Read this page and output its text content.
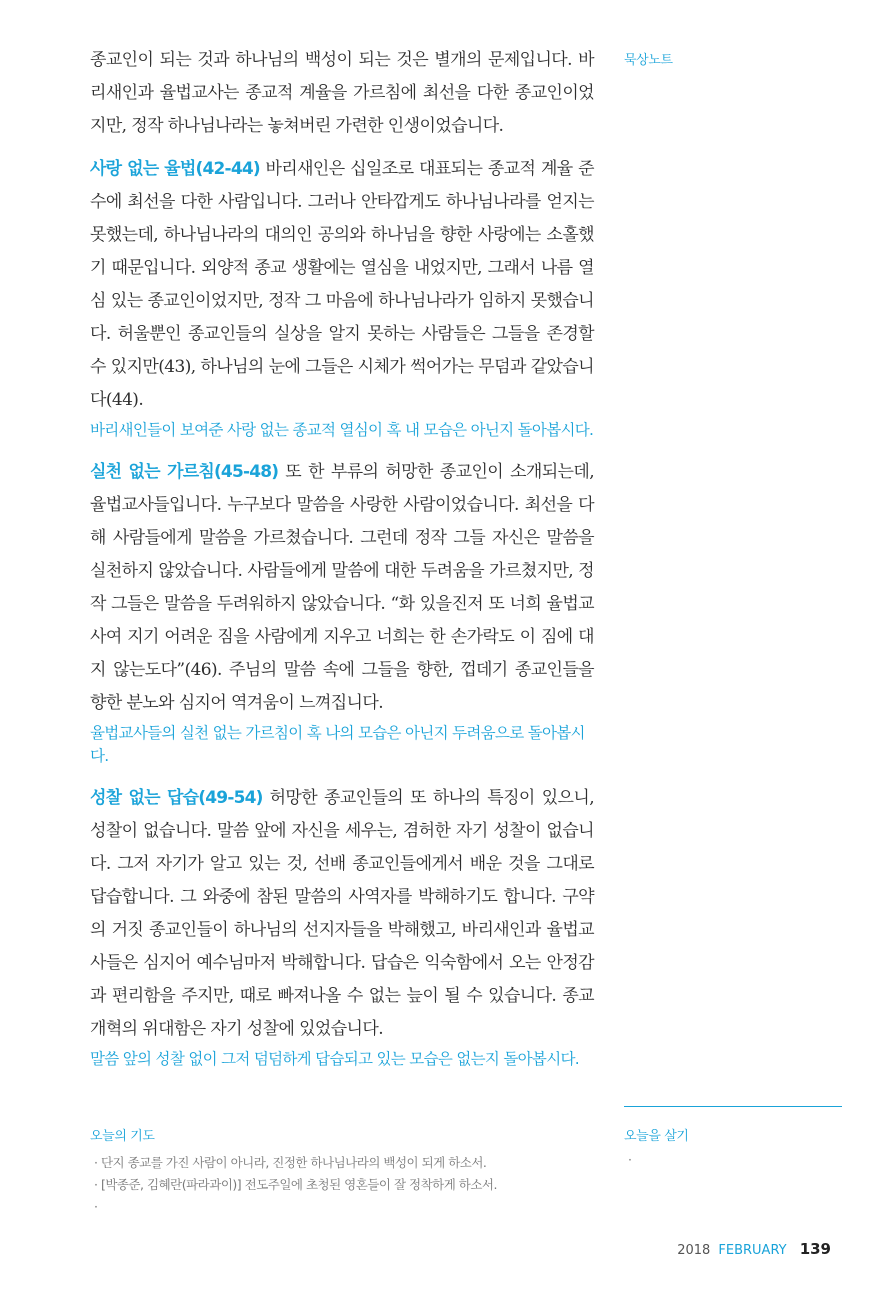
묵상노트

종교인이 되는 것과 하나님의 백성이 되는 것은 별개의 문제입니다. 바리새인과 율법교사는 종교적 계율을 가르침에 최선을 다한 종교인이었지만, 정작 하나님나라는 놓쳐버린 가련한 인생이었습니다.

사랑 없는 율법(42-44) 바리새인은 십일조로 대표되는 종교적 계율 준수에 최선을 다한 사람입니다. 그러나 안타깝게도 하나님나라를 얻지는 못했는데, 하나님나라의 대의인 공의와 하나님을 향한 사랑에는 소홀했기 때문입니다. 외양적 종교 생활에는 열심을 내었지만, 그래서 나름 열심 있는 종교인이었지만, 정작 그 마음에 하나님나라가 임하지 못했습니다. 허울뿐인 종교인들의 실상을 알지 못하는 사람들은 그들을 존경할 수 있지만(43), 하나님의 눈에 그들은 시체가 썩어가는 무덤과 같았습니다(44).

바리새인들이 보여준 사랑 없는 종교적 열심이 혹 내 모습은 아닌지 돌아봅시다.

실천 없는 가르침(45-48) 또 한 부류의 허망한 종교인이 소개되는데, 율법교사들입니다. 누구보다 말씀을 사랑한 사람이었습니다. 최선을 다해 사람들에게 말씀을 가르쳤습니다. 그런데 정작 그들 자신은 말씀을 실천하지 않았습니다. 사람들에게 말씀에 대한 두려움을 가르쳤지만, 정작 그들은 말씀을 두려워하지 않았습니다. “화 있을진저 또 너희 율법교사여 지기 어려운 짐을 사람에게 지우고 너희는 한 손가락도 이 짐에 대지 않는도다”(46). 주님의 말씀 속에 그들을 향한, 껍데기 종교인들을 향한 분노와 심지어 역겨움이 느껴집니다.

율법교사들의 실천 없는 가르침이 혹 나의 모습은 아닌지 두려움으로 돌아봅시다.

성찰 없는 답습(49-54) 허망한 종교인들의 또 하나의 특징이 있으니, 성찰이 없습니다. 말씀 앞에 자신을 세우는, 겸허한 자기 성찰이 없습니다. 그저 자기가 알고 있는 것, 선배 종교인들에게서 배운 것을 그대로 답습합니다. 그 와중에 참된 말씀의 사역자를 박해하기도 합니다. 구약의 거짓 종교인들이 하나님의 선지자들을 박해했고, 바리새인과 율법교사들은 심지어 예수님마저 박해합니다. 답습은 익숙함에서 오는 안정감과 편리함을 주지만, 때로 빠져나올 수 없는 늪이 될 수 있습니다. 종교개혁의 위대함은 자기 성찰에 있었습니다.

말씀 앞의 성찰 없이 그저 덤덤하게 답습되고 있는 모습은 없는지 돌아봅시다.

오늘의 기도
· 단지 종교를 가진 사람이 아니라, 진정한 하나님나라의 백성이 되게 하소서.
· [박종준, 김혜란(파라과이)] 전도주일에 초청된 영혼들이 잘 정착하게 하소서.
·
오늘을 살기
·
2018 FEBRUARY 139
